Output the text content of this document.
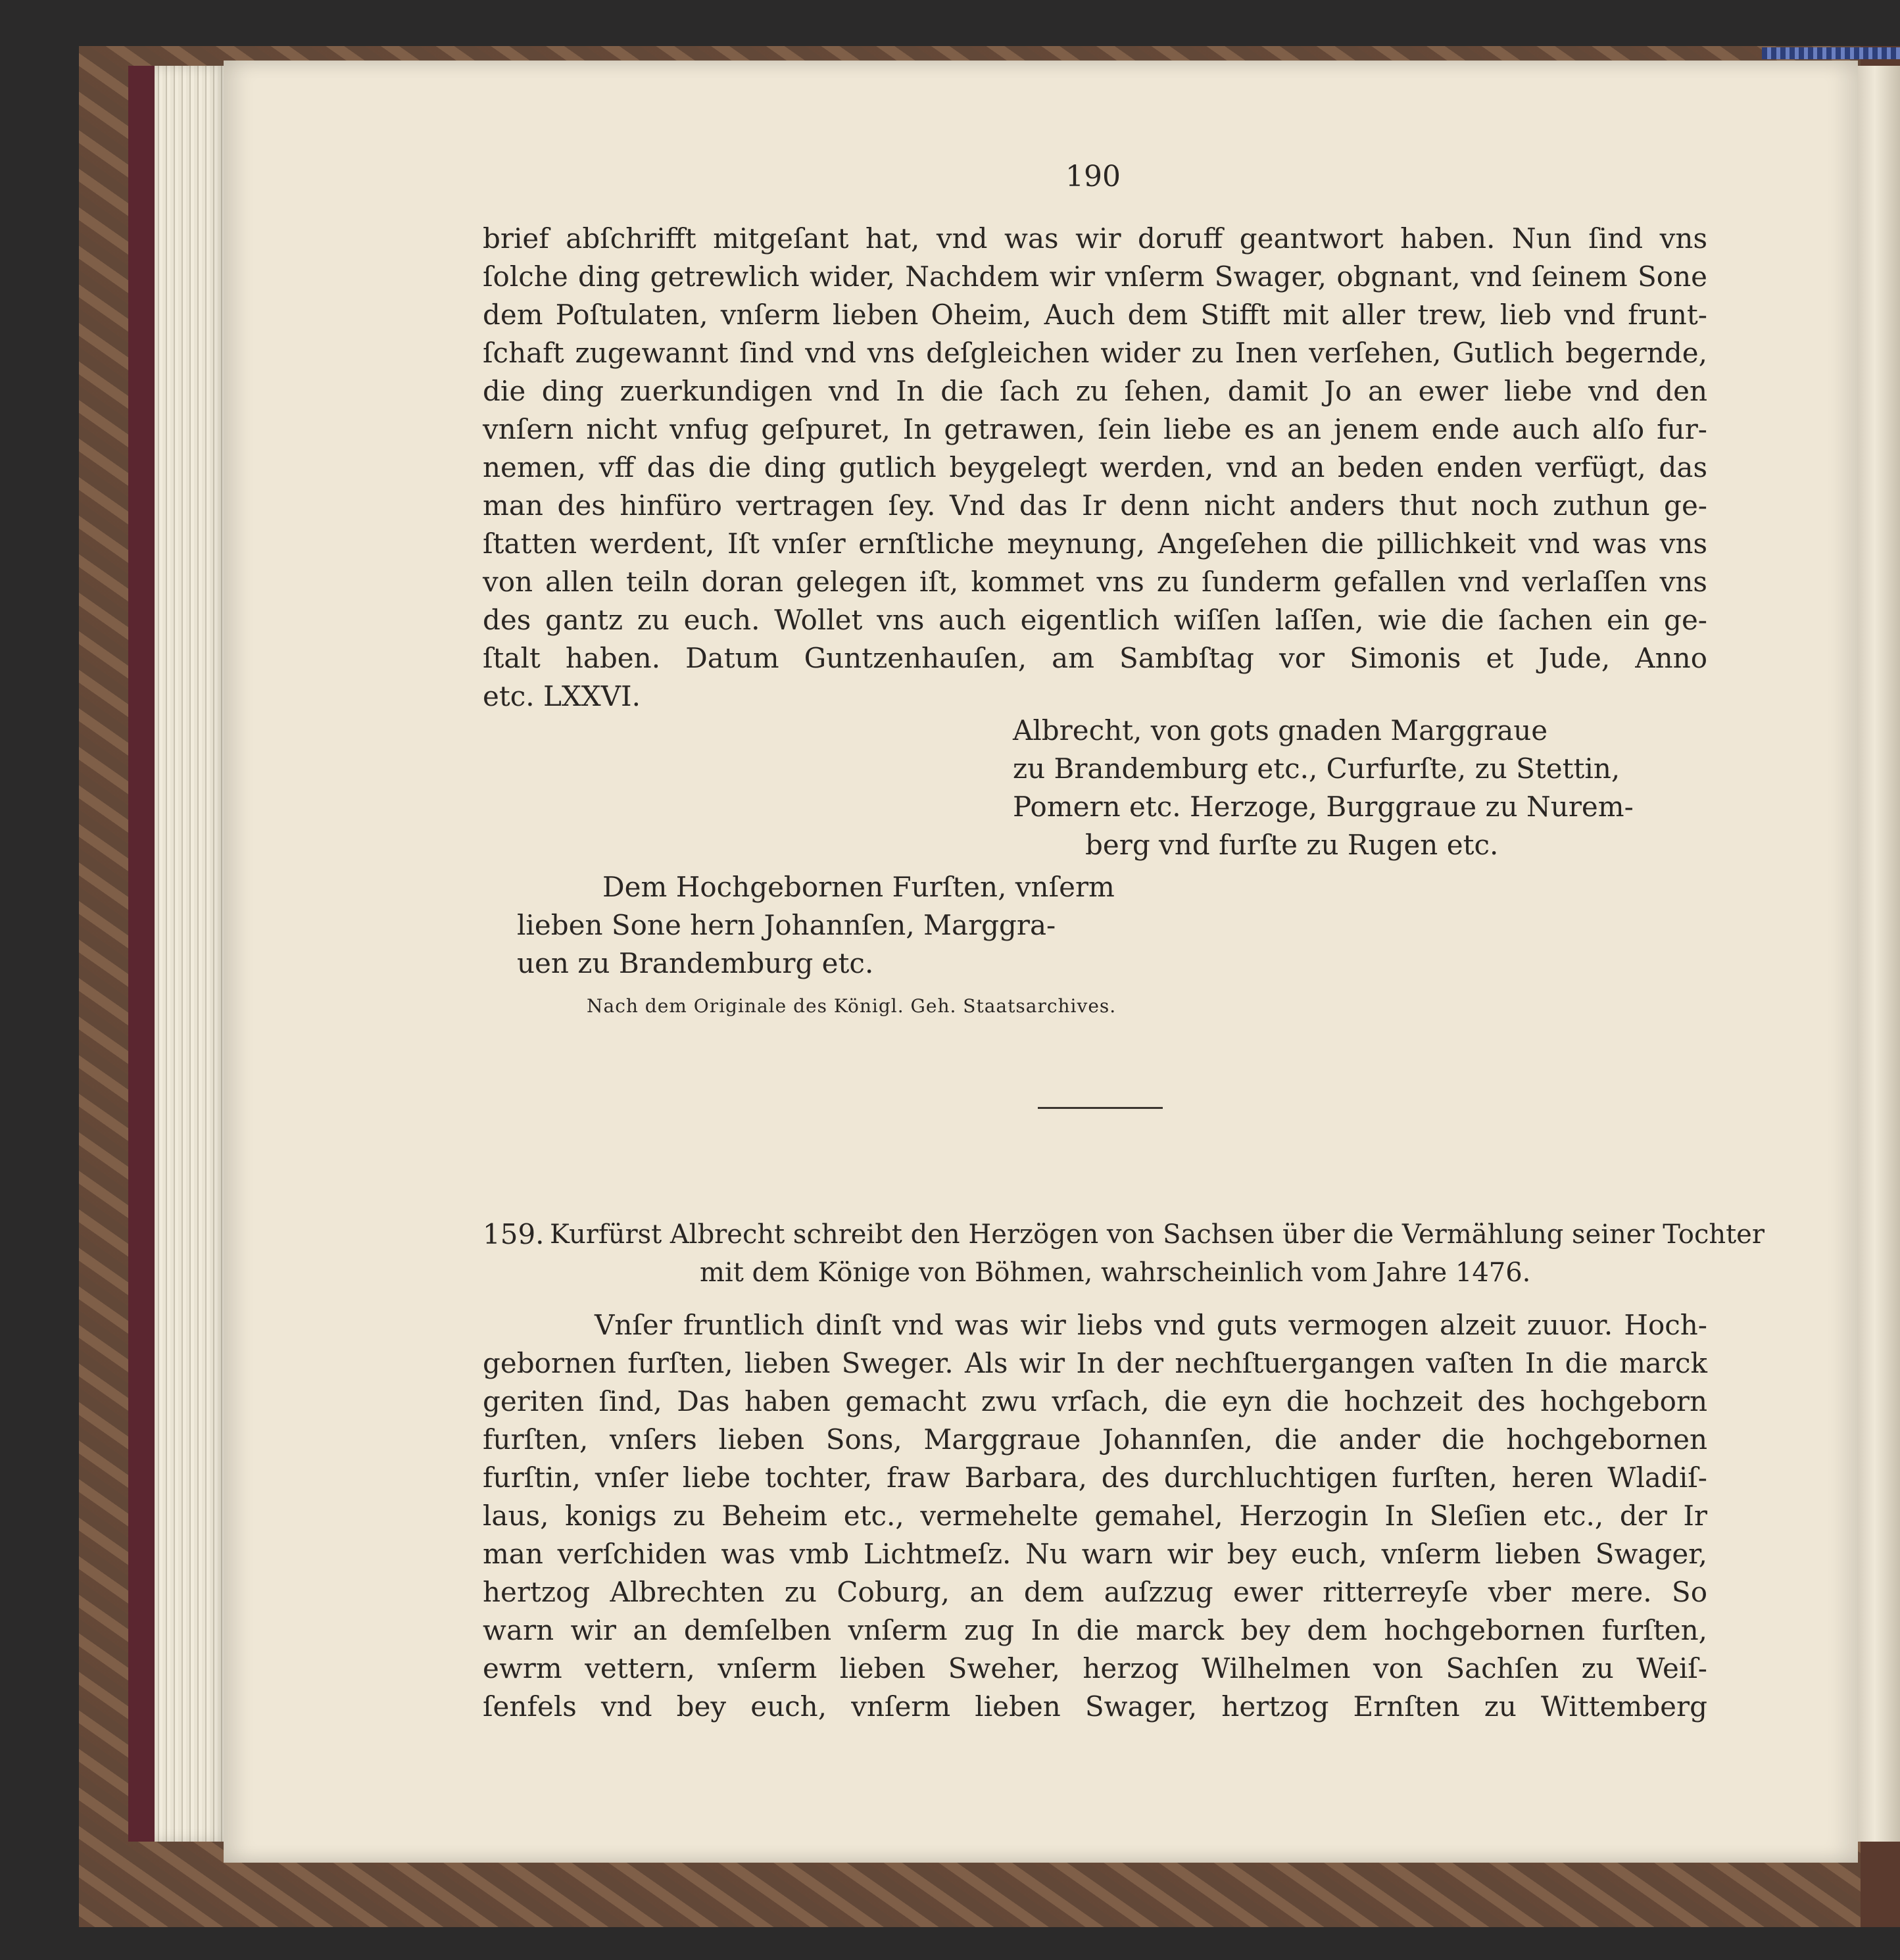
190
brief abſchrifft mitgeſant hat, vnd was wir doruff geantwort haben. Nun ſind vns
ſolche ding getrewlich wider, Nachdem wir vnſerm Swager, obgnant, vnd ſeinem Sone
dem Poſtulaten, vnſerm lieben Oheim, Auch dem Stifft mit aller trew, lieb vnd frunt-
ſchaft zugewannt ſind vnd vns deſgleichen wider zu Inen verſehen, Gutlich begernde,
die ding zuerkundigen vnd In die ſach zu ſehen, damit Jo an ewer liebe vnd den
vnſern nicht vnfug geſpuret, In getrawen, ſein liebe es an jenem ende auch alſo fur-
nemen, vff das die ding gutlich beygelegt werden, vnd an beden enden verfügt, das
man des hinfüro vertragen ſey. Vnd das Ir denn nicht anders thut noch zuthun ge-
ſtatten werdent, Iſt vnſer ernſtliche meynung, Angeſehen die pillichkeit vnd was vns
von allen teiln doran gelegen iſt, kommet vns zu ſunderm gefallen vnd verlaſſen vns
des gantz zu euch. Wollet vns auch eigentlich wiſſen laſſen, wie die ſachen ein ge-
ſtalt haben. Datum Guntzenhauſen, am Sambſtag vor Simonis et Jude, Anno
etc. LXXVI.
Albrecht, von gots gnaden Marggraue
zu Brandemburg etc., Curfurſte, zu Stettin,
Pomern etc. Herzoge, Burggraue zu Nurem-
berg vnd furſte zu Rugen etc.
Dem Hochgebornen Furſten, vnſerm
lieben Sone hern Johannſen, Marggra-
uen zu Brandemburg etc.
Nach dem Originale des Königl. Geh. Staatsarchives.
159. Kurfürst Albrecht schreibt den Herzögen von Sachsen über die Vermählung seiner Tochter
mit dem Könige von Böhmen, wahrscheinlich vom Jahre 1476.
Vnſer fruntlich dinſt vnd was wir liebs vnd guts vermogen alzeit zuuor. Hoch-
gebornen furſten, lieben Sweger. Als wir In der nechſtuergangen vaſten In die marck
geriten ſind, Das haben gemacht zwu vrſach, die eyn die hochzeit des hochgeborn
furſten, vnſers lieben Sons, Marggraue Johannſen, die ander die hochgebornen
furſtin, vnſer liebe tochter, fraw Barbara, des durchluchtigen furſten, heren Wladiſ-
laus, konigs zu Beheim etc., vermehelte gemahel, Herzogin In Sleſien etc., der Ir
man verſchiden was vmb Lichtmeſz. Nu warn wir bey euch, vnſerm lieben Swager,
hertzog Albrechten zu Coburg, an dem auſzzug ewer ritterreyſe vber mere. So
warn wir an demſelben vnſerm zug In die marck bey dem hochgebornen furſten,
ewrm vettern, vnſerm lieben Sweher, herzog Wilhelmen von Sachſen zu Weiſ-
ſenfels vnd bey euch, vnſerm lieben Swager, hertzog Ernſten zu Wittemberg
